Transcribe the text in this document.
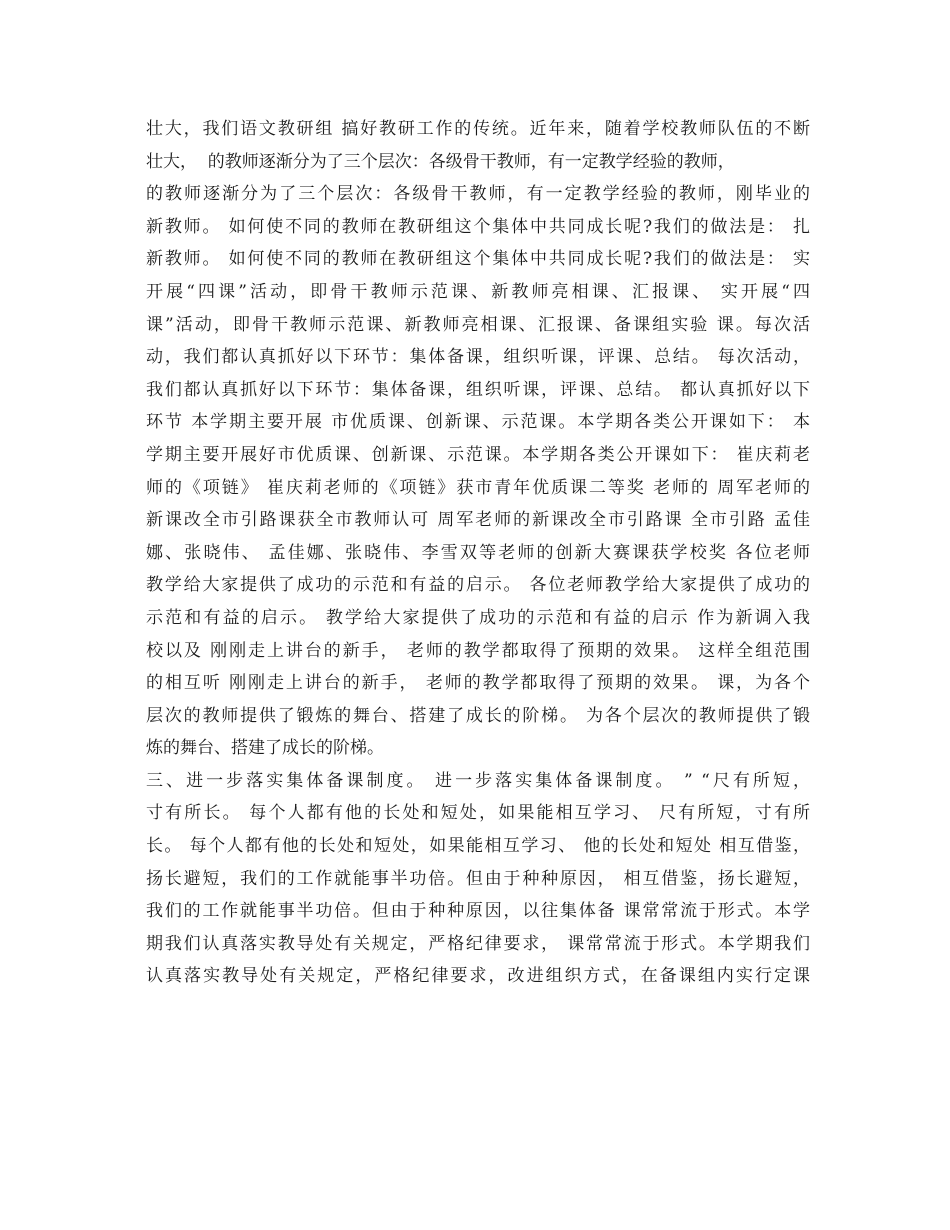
壮大，我们语文教研组 搞好教研工作的传统。近年来，随着学校教师队伍的不断
壮大，  的教师逐渐分为了三个层次：各级骨干教师，有一定教学经验的教师，
的教师逐渐分为了三个层次：各级骨干教师，有一定教学经验的教师，刚毕业的
新教师。 如何使不同的教师在教研组这个集体中共同成长呢?我们的做法是： 扎
新教师。 如何使不同的教师在教研组这个集体中共同成长呢?我们的做法是： 实
开展“四课”活动，即骨干教师示范课、新教师亮相课、汇报课、 实开展“四
课”活动，即骨干教师示范课、新教师亮相课、汇报课、备课组实验 课。每次活
动，我们都认真抓好以下环节：集体备课，组织听课，评课、总结。 每次活动，
我们都认真抓好以下环节：集体备课，组织听课，评课、总结。 都认真抓好以下
环节 本学期主要开展 市优质课、创新课、示范课。本学期各类公开课如下： 本
学期主要开展好市优质课、创新课、示范课。本学期各类公开课如下： 崔庆莉老
师的《项链》 崔庆莉老师的《项链》获市青年优质课二等奖 老师的 周军老师的
新课改全市引路课获全市教师认可 周军老师的新课改全市引路课 全市引路 孟佳
娜、张晓伟、 孟佳娜、张晓伟、李雪双等老师的创新大赛课获学校奖 各位老师
教学给大家提供了成功的示范和有益的启示。 各位老师教学给大家提供了成功的
示范和有益的启示。 教学给大家提供了成功的示范和有益的启示 作为新调入我
校以及 刚刚走上讲台的新手， 老师的教学都取得了预期的效果。 这样全组范围
的相互听 刚刚走上讲台的新手， 老师的教学都取得了预期的效果。 课，为各个
层次的教师提供了锻炼的舞台、搭建了成长的阶梯。 为各个层次的教师提供了锻
炼的舞台、搭建了成长的阶梯。
三、进一步落实集体备课制度。 进一步落实集体备课制度。 ” “尺有所短，
寸有所长。 每个人都有他的长处和短处，如果能相互学习、 尺有所短，寸有所
长。 每个人都有他的长处和短处，如果能相互学习、 他的长处和短处 相互借鉴，
扬长避短，我们的工作就能事半功倍。但由于种种原因， 相互借鉴，扬长避短，
我们的工作就能事半功倍。但由于种种原因，以往集体备 课常常流于形式。本学
期我们认真落实教导处有关规定，严格纪律要求， 课常常流于形式。本学期我们
认真落实教导处有关规定，严格纪律要求，改进组织方式，在备课组内实行定课
